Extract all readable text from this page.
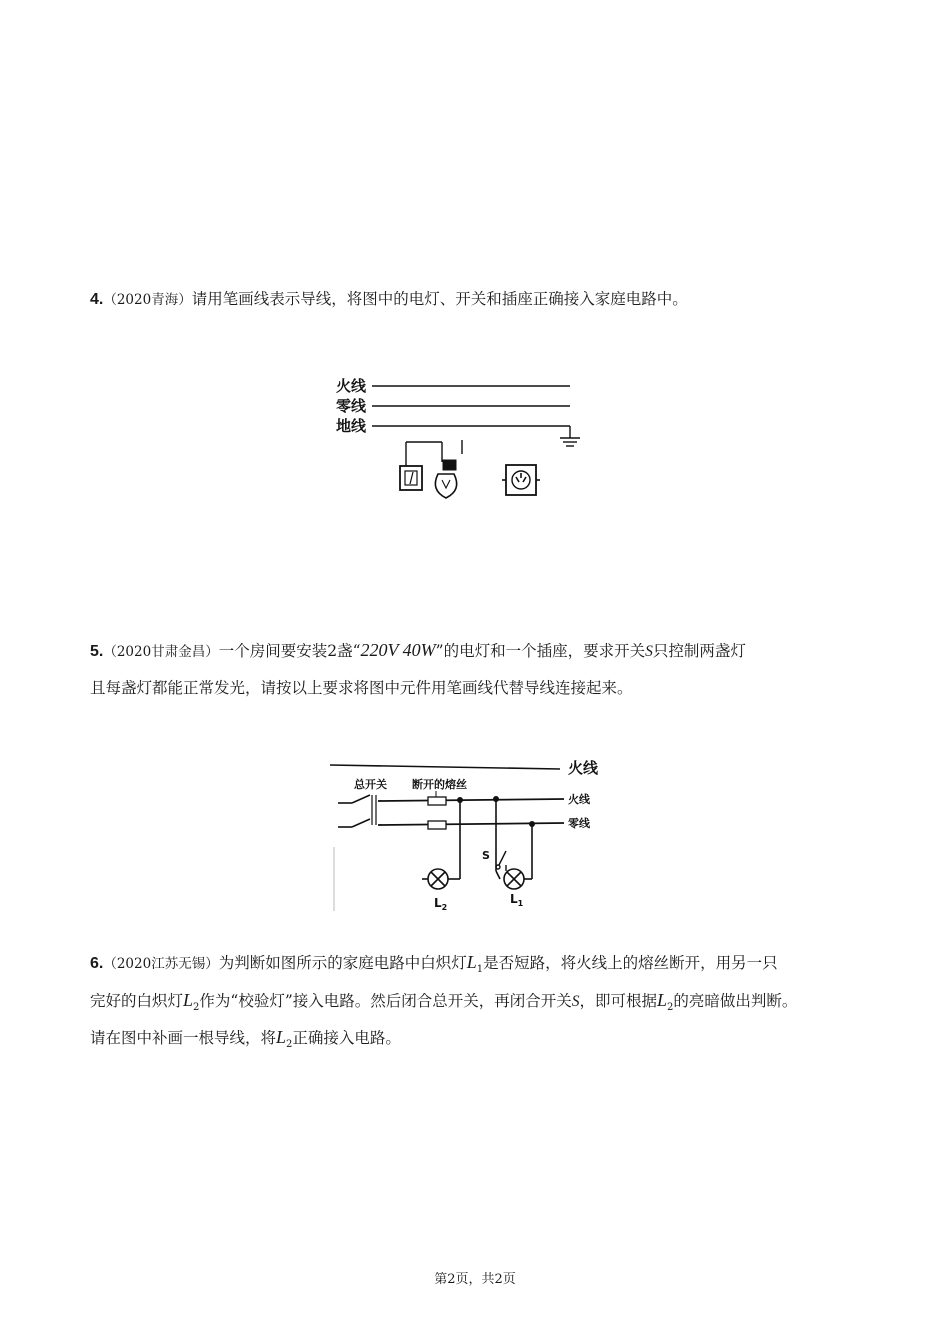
4.（2020青海）请用笔画线表示导线，将图中的电灯、开关和插座正确接入家庭电路中。
火线
零线
地线
5.（2020甘肃金昌）一个房间要安装2盏“220V 40W”的电灯和一个插座，要求开关S只控制两盏灯
且每盏灯都能正常发光，请按以上要求将图中元件用笔画线代替导线连接起来。
火线
总开关 断开的熔丝
火线
零线
S
$L_2$
$L_1$
6.（2020江苏无锡）为判断如图所示的家庭电路中白炽灯$L_1$是否短路，将火线上的熔丝断开，用另一只
完好的白炽灯$L_2$作为“校验灯”接入电路。然后闭合总开关，再闭合开关S，即可根据$L_2$的亮暗做出判断。
请在图中补画一根导线，将$L_2$正确接入电路。
第2页，共2页
